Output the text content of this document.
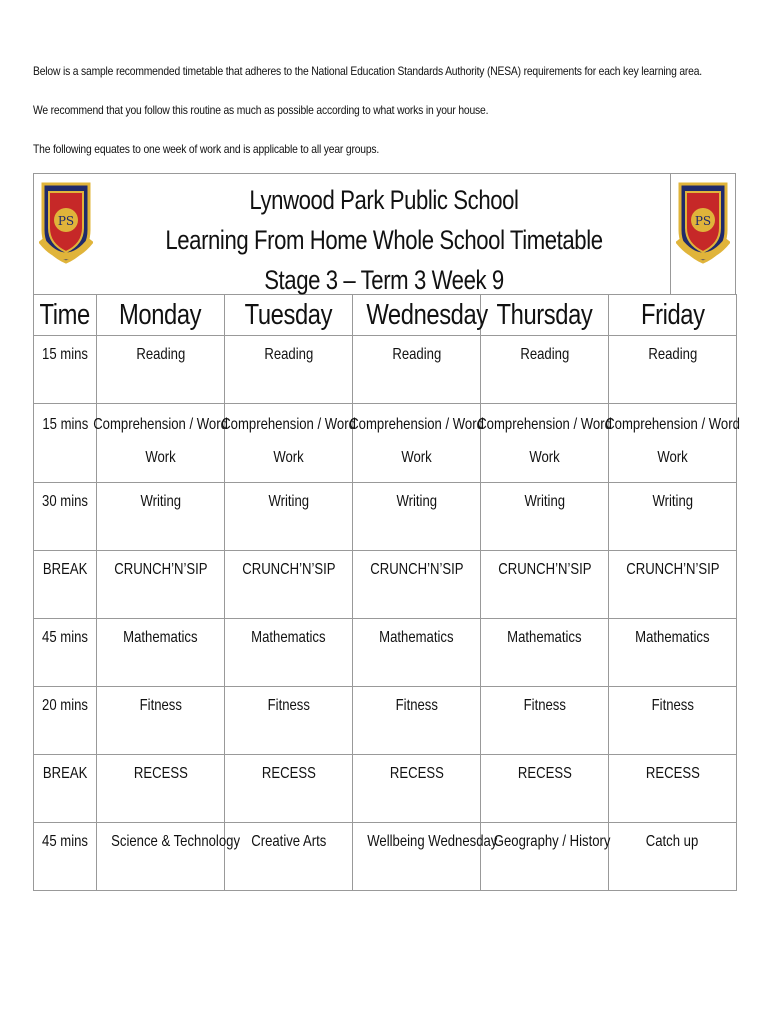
Below is a sample recommended timetable that adheres to the National Education Standards Authority (NESA) requirements for each key learning area.

We recommend that you follow this routine as much as possible according to what works in your house.

The following equates to one week of work and is applicable to all year groups.

PS
Lynwood Park Public School
Learning From Home Whole School Timetable
Stage 3 – Term 3 Week 9
PS
Time	Monday	Tuesday	Wednesday	Thursday	Friday
15 mins	Reading	Reading	Reading	Reading	Reading
15 mins	Comprehension / Word Work	Comprehension / Word Work	Comprehension / Word Work	Comprehension / Word Work	Comprehension / Word Work
30 mins	Writing	Writing	Writing	Writing	Writing
BREAK	CRUNCH’N’SIP	CRUNCH’N’SIP	CRUNCH’N’SIP	CRUNCH’N’SIP	CRUNCH’N’SIP
45 mins	Mathematics	Mathematics	Mathematics	Mathematics	Mathematics
20 mins	Fitness	Fitness	Fitness	Fitness	Fitness
BREAK	RECESS	RECESS	RECESS	RECESS	RECESS
45 mins	Science & Technology	Creative Arts	Wellbeing Wednesday	Geography / History	Catch up
